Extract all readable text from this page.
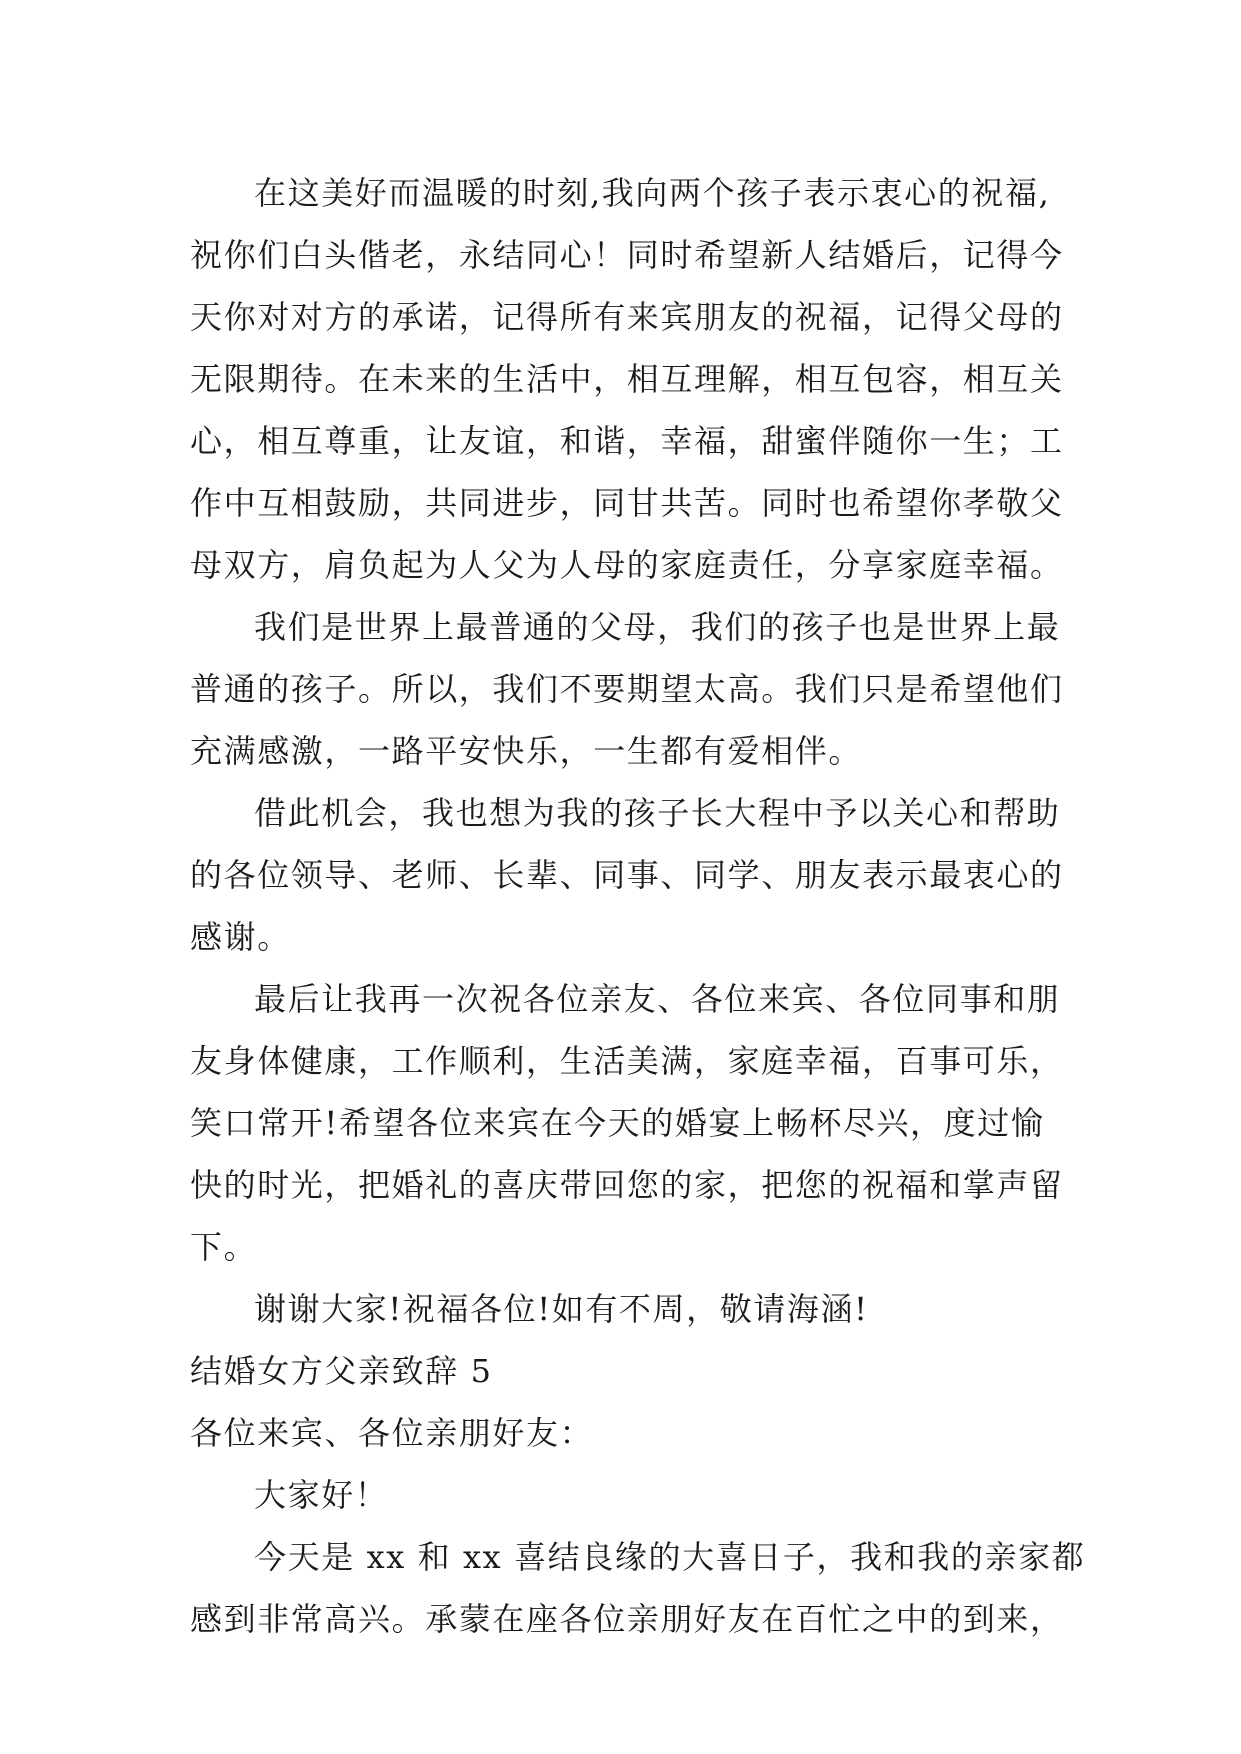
在这美好而温暖的时刻,我向两个孩子表示衷心的祝福,
祝你们白头偕老，永结同心！同时希望新人结婚后，记得今
天你对对方的承诺，记得所有来宾朋友的祝福，记得父母的
无限期待。在未来的生活中，相互理解，相互包容，相互关
心，相互尊重，让友谊，和谐，幸福，甜蜜伴随你一生；工
作中互相鼓励，共同进步，同甘共苦。同时也希望你孝敬父
母双方，肩负起为人父为人母的家庭责任，分享家庭幸福。
我们是世界上最普通的父母，我们的孩子也是世界上最
普通的孩子。所以，我们不要期望太高。我们只是希望他们
充满感激，一路平安快乐，一生都有爱相伴。
借此机会，我也想为我的孩子长大程中予以关心和帮助
的各位领导、老师、长辈、同事、同学、朋友表示最衷心的
感谢。
最后让我再一次祝各位亲友、各位来宾、各位同事和朋
友身体健康，工作顺利，生活美满，家庭幸福，百事可乐，
笑口常开!希望各位来宾在今天的婚宴上畅杯尽兴，度过愉
快的时光，把婚礼的喜庆带回您的家，把您的祝福和掌声留
下。
谢谢大家!祝福各位!如有不周，敬请海涵!
结婚女方父亲致辞 5
各位来宾、各位亲朋好友：
大家好！
今天是 xx 和 xx 喜结良缘的大喜日子，我和我的亲家都
感到非常高兴。承蒙在座各位亲朋好友在百忙之中的到来，
